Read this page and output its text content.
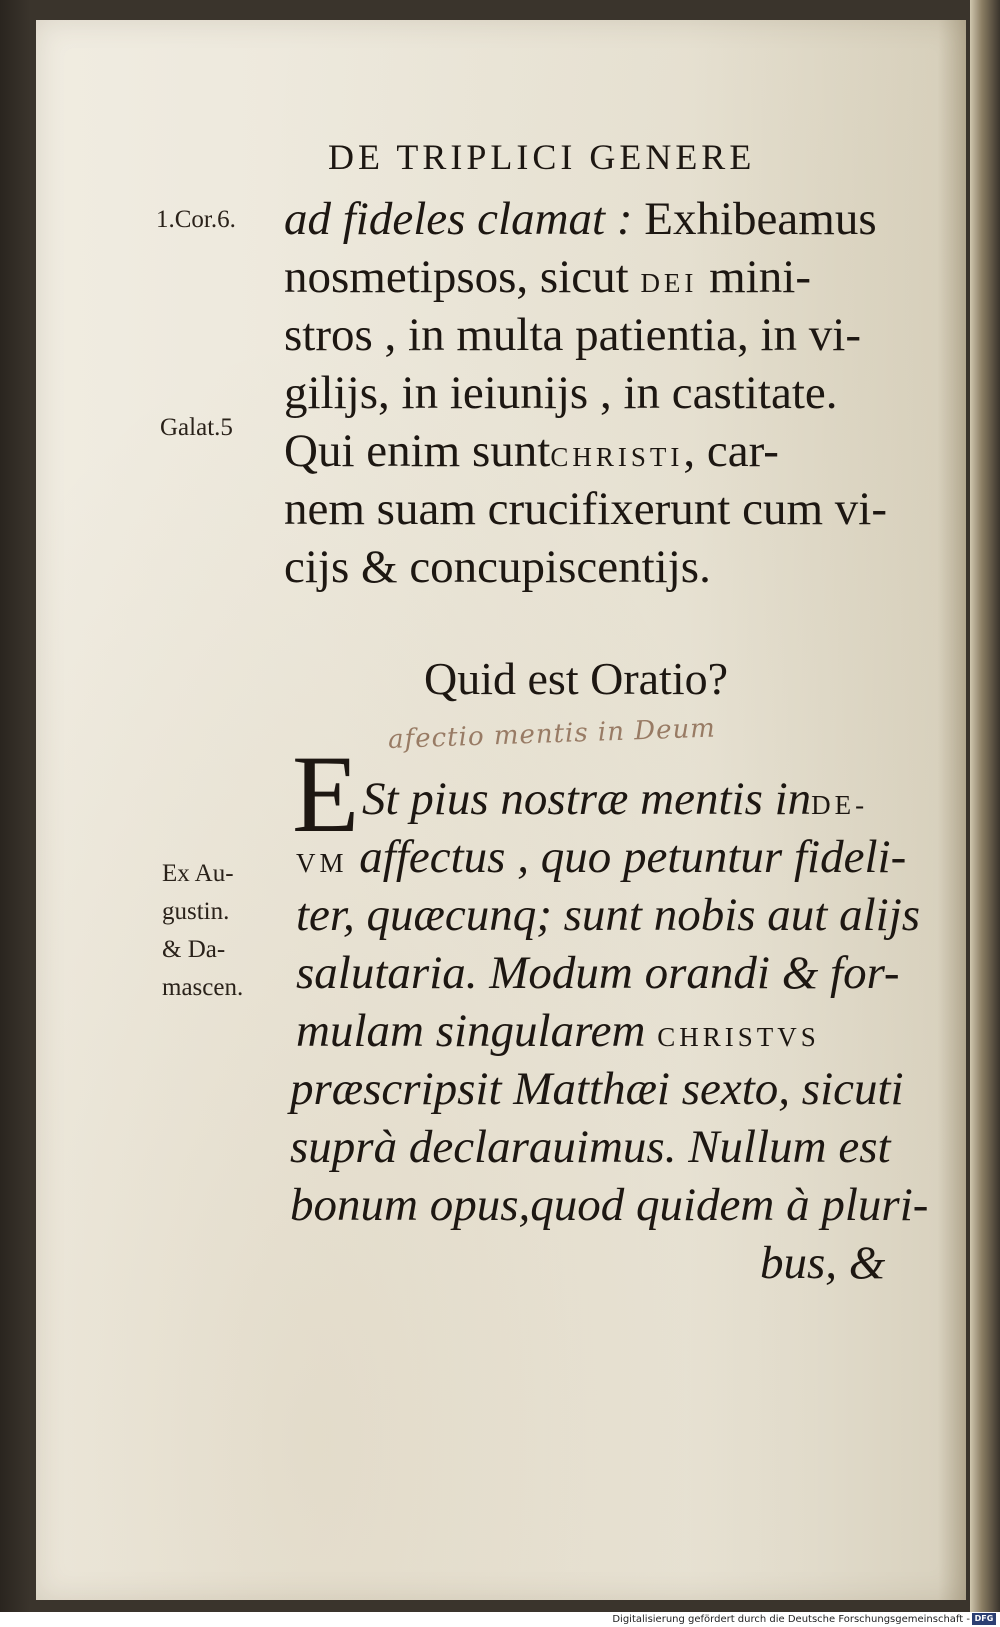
DE TRIPLICI GENERE
1.Cor.6.
Galat.5
Ex Au-
gustin.
& Da-
mascen.
ad fideles clamat : Exhibeamus
nosmetipsos, sicut DEI mini-
stros , in multa patientia, in vi-
gilijs, in ieiunijs , in castitate.
Qui enim suntCHRISTI, car-
nem suam crucifixerunt cum vi-
cijs & concupiscentijs.
Quid est Oratio?
afectio mentis in Deum
E St pius nostræ mentis inDE-
VM affectus , quo petuntur fideli-
ter, quæcunq; sunt nobis aut alijs
salutaria. Modum orandi & for-
mulam singularem CHRISTVS
præscripsit Matthæi sexto, sicuti
suprà declarauimus. Nullum est
bonum opus,quod quidem à pluri-
bus, &
Digitalisierung gefördert durch die Deutsche Forschungsgemeinschaft - DFG
